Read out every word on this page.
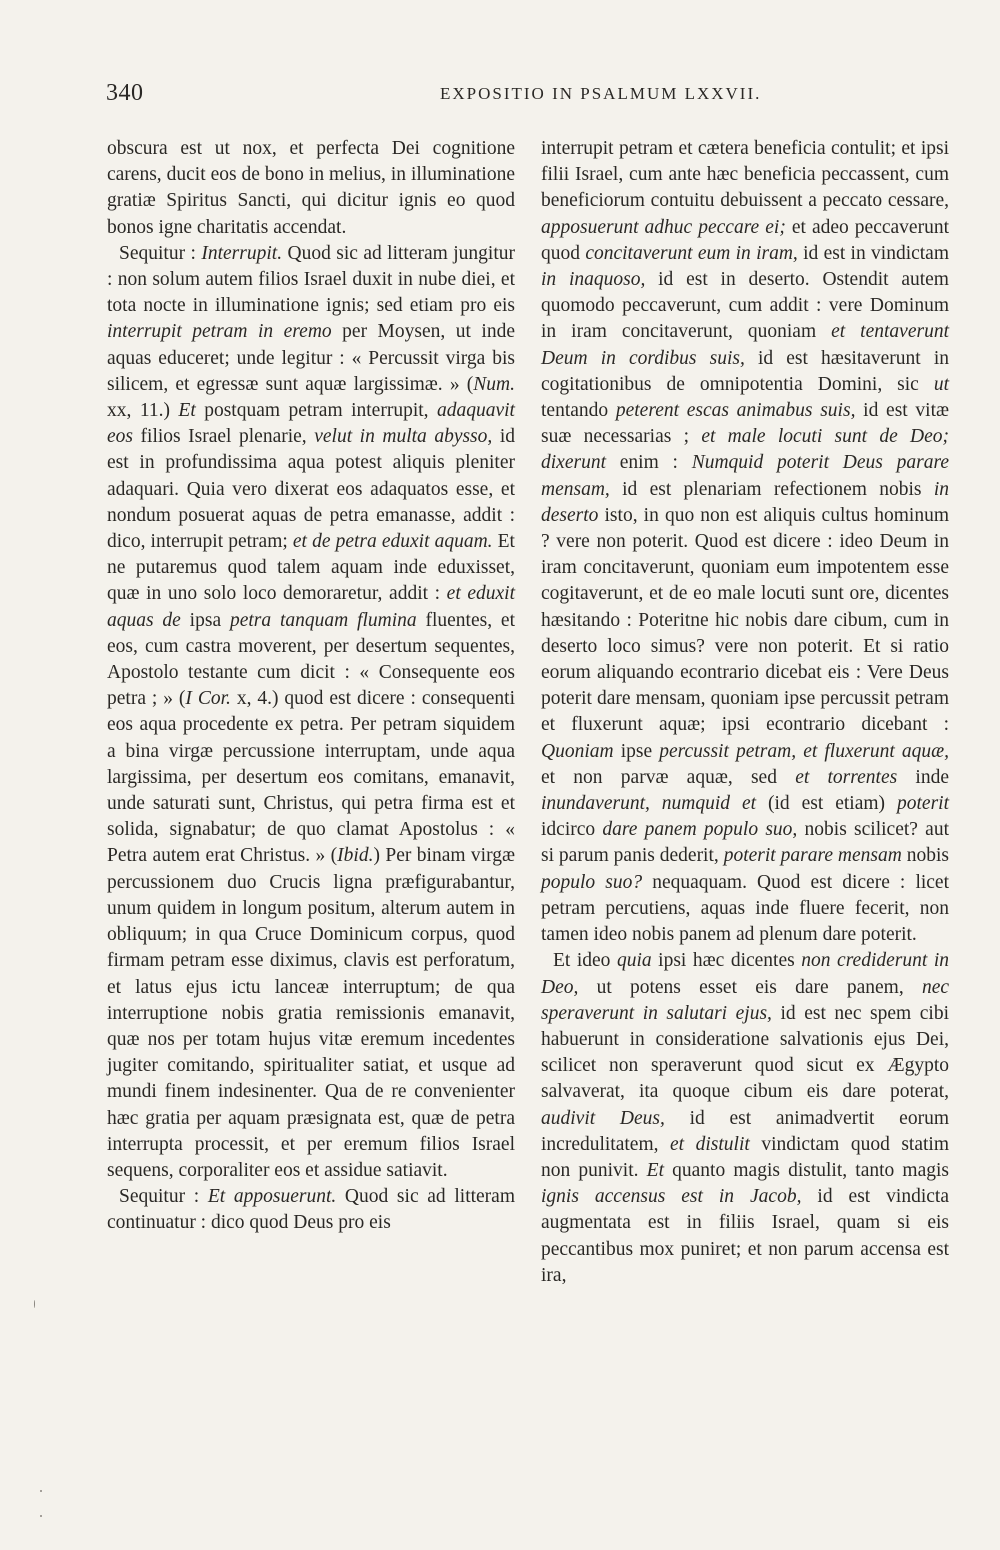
340	EXPOSITIO IN PSALMUM LXXVII.

obscura est ut nox, et perfecta Dei cognitione carens, ducit eos de bono in melius, in illuminatione gratiæ Spiritus Sancti, qui dicitur ignis eo quod bonos igne charitatis accendat.

Sequitur : Interrupit. Quod sic ad litteram jungitur : non solum autem filios Israel duxit in nube diei, et tota nocte in illuminatione ignis; sed etiam pro eis interrupit petram in eremo per Moysen, ut inde aquas educeret; unde legitur : « Percussit virga bis silicem, et egressæ sunt aquæ largissimæ. » (Num. xx, 11.) Et postquam petram interrupit, adaquavit eos filios Israel plenarie, velut in multa abysso, id est in profundissima aqua potest aliquis pleniter adaquari. Quia vero dixerat eos adaquatos esse, et nondum posuerat aquas de petra emanasse, addit : dico, interrupit petram; et de petra eduxit aquam. Et ne putaremus quod talem aquam inde eduxisset, quæ in uno solo loco demoraretur, addit : et eduxit aquas de ipsa petra tanquam flumina fluentes, et eos, cum castra moverent, per desertum sequentes, Apostolo testante cum dicit : « Consequente eos petra ; » (I Cor. x, 4.) quod est dicere : consequenti eos aqua procedente ex petra. Per petram siquidem a bina virgæ percussione interruptam, unde aqua largissima, per desertum eos comitans, emanavit, unde saturati sunt, Christus, qui petra firma est et solida, signabatur; de quo clamat Apostolus : « Petra autem erat Christus. » (Ibid.) Per binam virgæ percussionem duo Crucis ligna præfigurabantur, unum quidem in longum positum, alterum autem in obliquum; in qua Cruce Dominicum corpus, quod firmam petram esse diximus, clavis est perforatum, et latus ejus ictu lanceæ interruptum; de qua interruptione nobis gratia remissionis emanavit, quæ nos per totam hujus vitæ eremum incedentes jugiter comitando, spiritualiter satiat, et usque ad mundi finem indesinenter. Qua de re convenienter hæc gratia per aquam præsignata est, quæ de petra interrupta processit, et per eremum filios Israel sequens, corporaliter eos et assidue satiavit.

Sequitur : Et apposuerunt. Quod sic ad litteram continuatur : dico quod Deus pro eis

interrupit petram et cætera beneficia contulit; et ipsi filii Israel, cum ante hæc beneficia peccassent, cum beneficiorum contuitu debuissent a peccato cessare, apposuerunt adhuc peccare ei; et adeo peccaverunt quod concitaverunt eum in iram, id est in vindictam in inaquoso, id est in deserto. Ostendit autem quomodo peccaverunt, cum addit : vere Dominum in iram concitaverunt, quoniam et tentaverunt Deum in cordibus suis, id est hæsitaverunt in cogitationibus de omnipotentia Domini, sic ut tentando peterent escas animabus suis, id est vitæ suæ necessarias ; et male locuti sunt de Deo; dixerunt enim : Numquid poterit Deus parare mensam, id est plenariam refectionem nobis in deserto isto, in quo non est aliquis cultus hominum ? vere non poterit. Quod est dicere : ideo Deum in iram concitaverunt, quoniam eum impotentem esse cogitaverunt, et de eo male locuti sunt ore, dicentes hæsitando : Poteritne hic nobis dare cibum, cum in deserto loco simus? vere non poterit. Et si ratio eorum aliquando econtrario dicebat eis : Vere Deus poterit dare mensam, quoniam ipse percussit petram et fluxerunt aquæ; ipsi econtrario dicebant : Quoniam ipse percussit petram, et fluxerunt aquæ, et non parvæ aquæ, sed et torrentes inde inundaverunt, numquid et (id est etiam) poterit idcirco dare panem populo suo, nobis scilicet? aut si parum panis dederit, poterit parare mensam nobis populo suo? nequaquam. Quod est dicere : licet petram percutiens, aquas inde fluere fecerit, non tamen ideo nobis panem ad plenum dare poterit.

Et ideo quia ipsi hæc dicentes non crediderunt in Deo, ut potens esset eis dare panem, nec speraverunt in salutari ejus, id est nec spem cibi habuerunt in consideratione salvationis ejus Dei, scilicet non speraverunt quod sicut ex Ægypto salvaverat, ita quoque cibum eis dare poterat, audivit Deus, id est animadvertit eorum incredulitatem, et distulit vindictam quod statim non punivit. Et quanto magis distulit, tanto magis ignis accensus est in Jacob, id est vindicta augmentata est in filiis Israel, quam si eis peccantibus mox puniret; et non parum accensa est ira,
